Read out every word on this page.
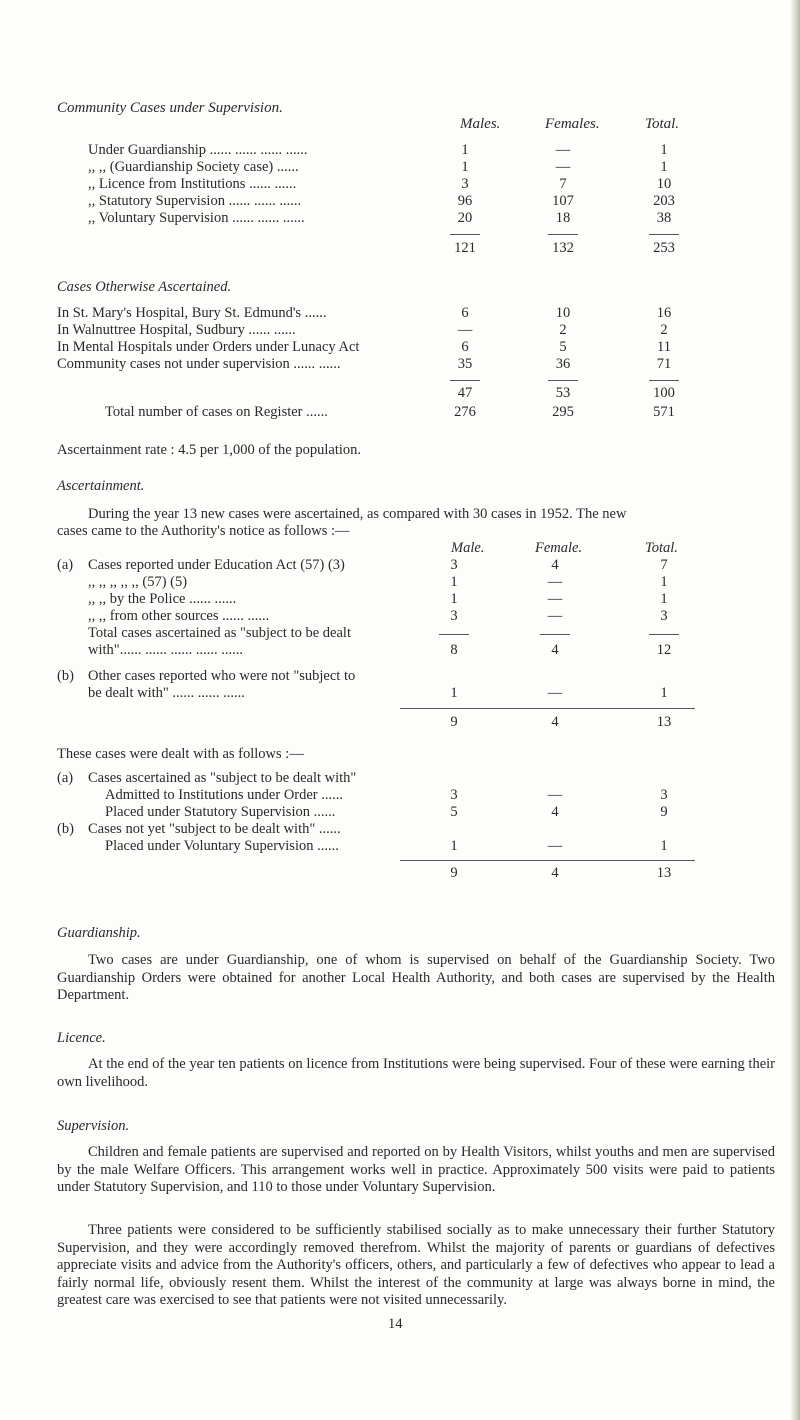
Community Cases under Supervision.
Males.	Females.	Total.
Under Guardianship ...... ...... ...... ......	1	—	1
,, ,, (Guardianship Society case) ......	1	—	1
,, Licence from Institutions ...... ......	3	7	10
,, Statutory Supervision ...... ...... ......	96	107	203
,, Voluntary Supervision ...... ...... ......	20	18	38
121	132	253
Cases Otherwise Ascertained.
In St. Mary's Hospital, Bury St. Edmund's ......	6	10	16
In Walnuttree Hospital, Sudbury ...... ......	—	2	2
In Mental Hospitals under Orders under Lunacy Act	6	5	11
Community cases not under supervision ...... ......	35	36	71
47	53	100
Total number of cases on Register ......	276	295	571
Ascertainment rate : 4.5 per 1,000 of the population.
Ascertainment.
During the year 13 new cases were ascertained, as compared with 30 cases in 1952. The new
cases came to the Authority's notice as follows :—
Male.	Female.	Total.
(a) Cases reported under Education Act (57) (3)	3	4	7
,, ,, ,, ,, ,, (57) (5)	1	—	1
,, ,, by the Police ...... ......	1	—	1
,, ,, from other sources ...... ......	3	—	3
Total cases ascertained as "subject to be dealt
with"...... ...... ...... ...... ......	8	4	12
(b) Other cases reported who were not "subject to
be dealt with" ...... ...... ......	1	—	1
9	4	13
These cases were dealt with as follows :—
(a) Cases ascertained as "subject to be dealt with"
Admitted to Institutions under Order ......	3	—	3
Placed under Statutory Supervision ......	5	4	9
(b) Cases not yet "subject to be dealt with" ......
Placed under Voluntary Supervision ......	1	—	1
9	4	13
Guardianship.
Two cases are under Guardianship, one of whom is supervised on behalf of the Guardianship Society. Two Guardianship Orders were obtained for another Local Health Authority, and both cases are supervised by the Health Department.
Licence.
At the end of the year ten patients on licence from Institutions were being supervised. Four of these were earning their own livelihood.
Supervision.
Children and female patients are supervised and reported on by Health Visitors, whilst youths and men are supervised by the male Welfare Officers. This arrangement works well in practice. Approximately 500 visits were paid to patients under Statutory Supervision, and 110 to those under Voluntary Supervision.
Three patients were considered to be sufficiently stabilised socially as to make unnecessary their further Statutory Supervision, and they were accordingly removed therefrom. Whilst the majority of parents or guardians of defectives appreciate visits and advice from the Authority's officers, others, and particularly a few of defectives who appear to lead a fairly normal life, obviously resent them. Whilst the interest of the community at large was always borne in mind, the greatest care was exercised to see that patients were not visited unnecessarily.
14
